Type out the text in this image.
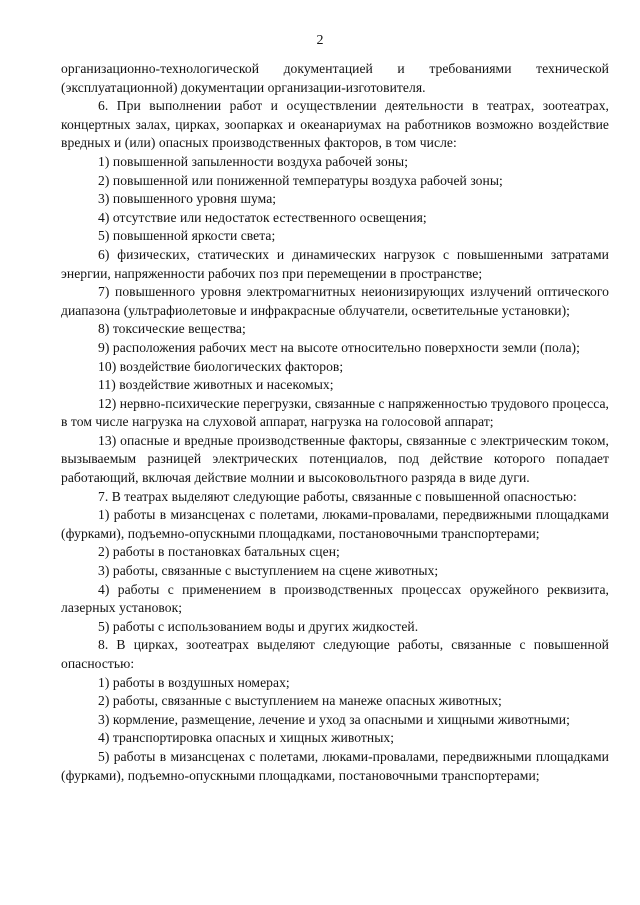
2

организационно-технологической документацией и требованиями технической (эксплуатационной) документации организации-изготовителя.

6. При выполнении работ и осуществлении деятельности в театрах, зоотеатрах, концертных залах, цирках, зоопарках и океанариумах на работников возможно воздействие вредных и (или) опасных производственных факторов, в том числе:

1) повышенной запыленности воздуха рабочей зоны;

2) повышенной или пониженной температуры воздуха рабочей зоны;

3) повышенного уровня шума;

4) отсутствие или недостаток естественного освещения;

5) повышенной яркости света;

6) физических, статических и динамических нагрузок с повышенными затратами энергии, напряженности рабочих поз при перемещении в пространстве;

7) повышенного уровня электромагнитных неионизирующих излучений оптического диапазона (ультрафиолетовые и инфракрасные облучатели, осветительные установки);

8) токсические вещества;

9) расположения рабочих мест на высоте относительно поверхности земли (пола);

10) воздействие биологических факторов;

11) воздействие животных и насекомых;

12) нервно-психические перегрузки, связанные с напряженностью трудового процесса, в том числе нагрузка на слуховой аппарат, нагрузка на голосовой аппарат;

13) опасные и вредные производственные факторы, связанные с электрическим током, вызываемым разницей электрических потенциалов, под действие которого попадает работающий, включая действие молнии и высоковольтного разряда в виде дуги.

7. В театрах выделяют следующие работы, связанные с повышенной опасностью:

1) работы в мизансценах с полетами, люками-провалами, передвижными площадками (фурками), подъемно-опускными площадками, постановочными транспортерами;

2) работы в постановках батальных сцен;

3) работы, связанные с выступлением на сцене животных;

4) работы с применением в производственных процессах оружейного реквизита, лазерных установок;

5) работы с использованием воды и других жидкостей.

8. В цирках, зоотеатрах выделяют следующие работы, связанные с повышенной опасностью:

1) работы в воздушных номерах;

2) работы, связанные с выступлением на манеже опасных животных;

3) кормление, размещение, лечение и уход за опасными и хищными животными;

4) транспортировка опасных и хищных животных;

5) работы в мизансценах с полетами, люками-провалами, передвижными площадками (фурками), подъемно-опускными площадками, постановочными транспортерами;
